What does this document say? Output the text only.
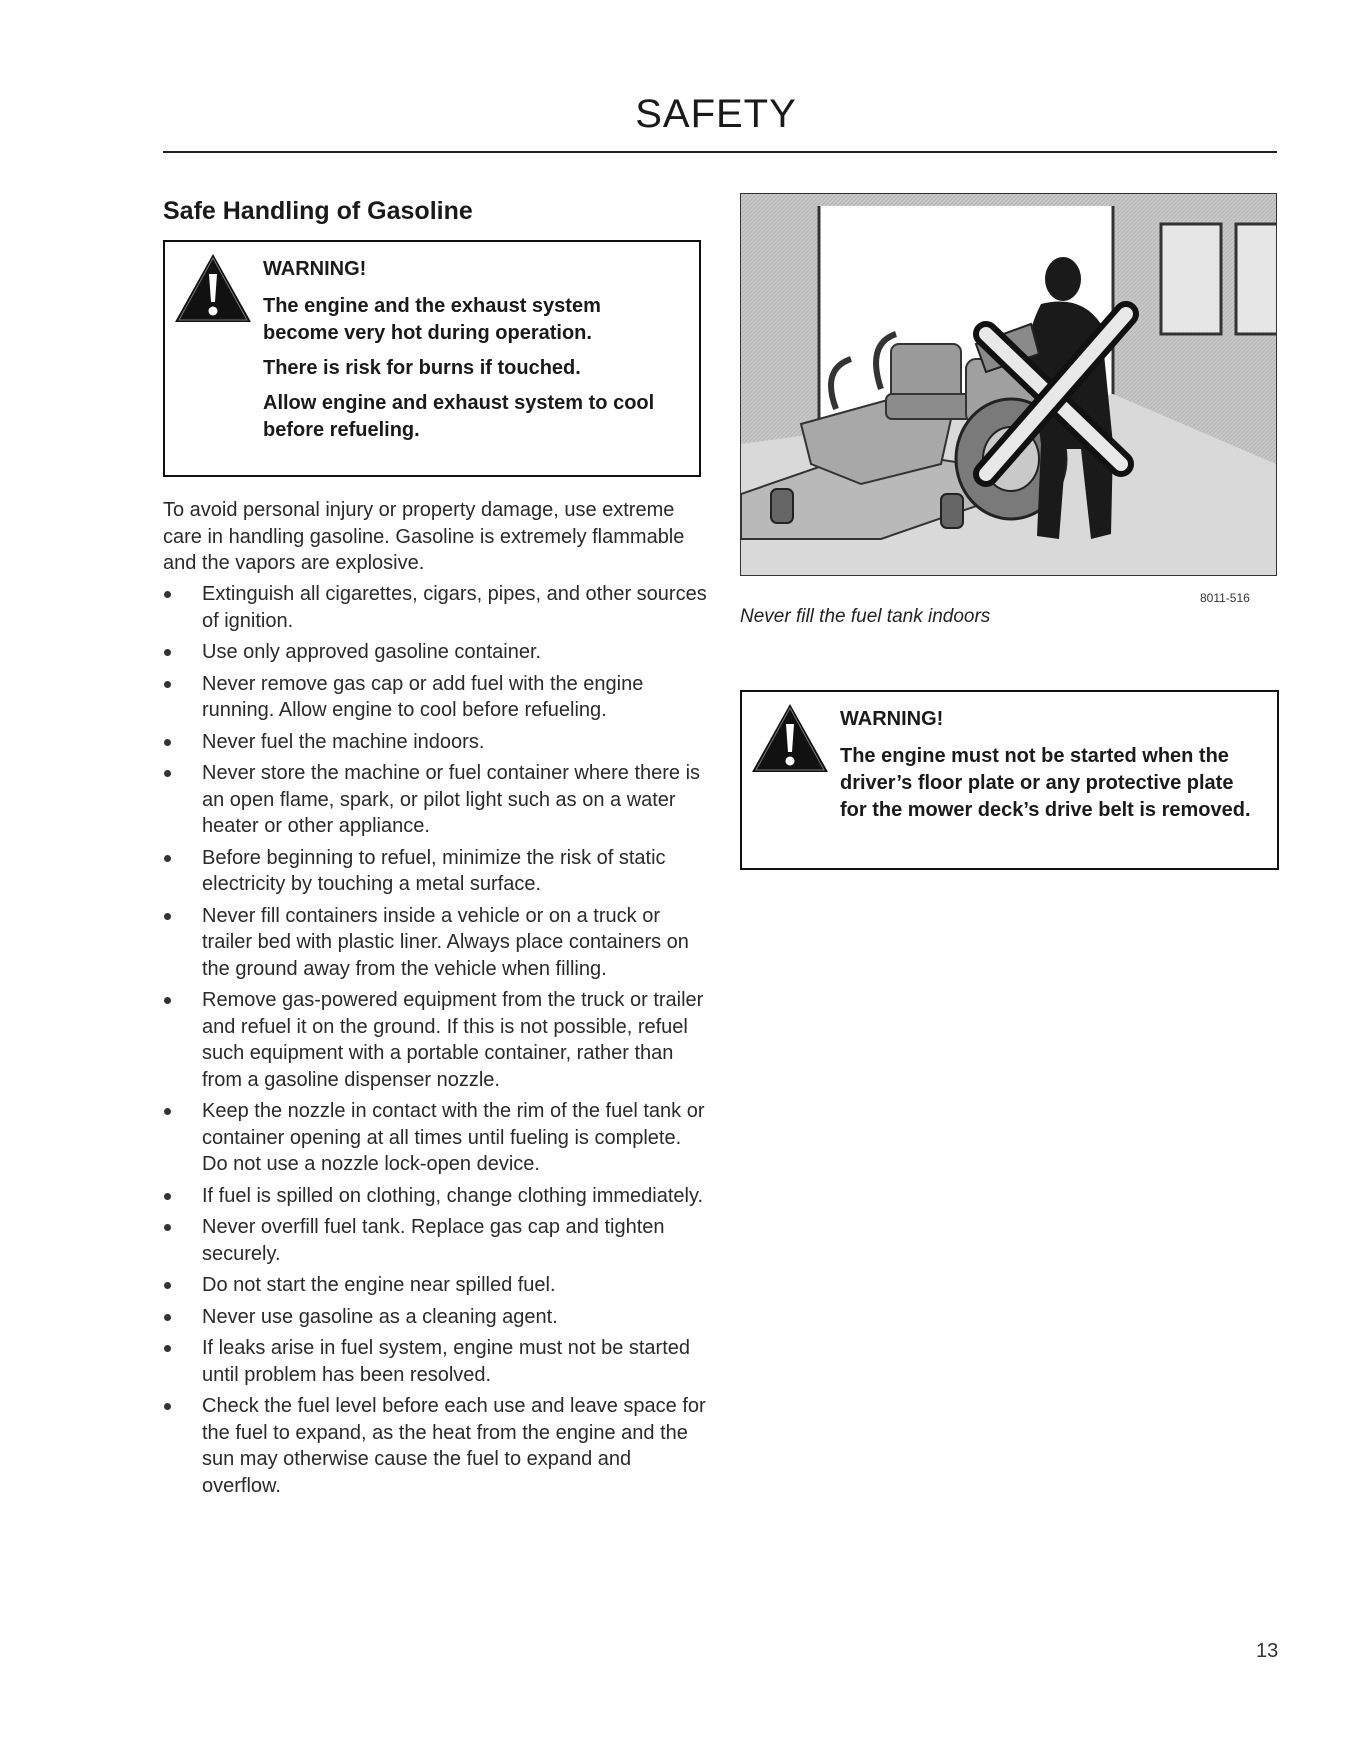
SAFETY
Safe Handling of Gasoline
WARNING!
The engine and the exhaust system become very hot during operation.
There is risk for burns if touched.
Allow engine and exhaust system to cool before refueling.
To avoid personal injury or property damage, use extreme care in handling gasoline. Gasoline is extremely flammable and the vapors are explosive.
Extinguish all cigarettes, cigars, pipes, and other sources of ignition.
Use only approved gasoline container.
Never remove gas cap or add fuel with the engine running. Allow engine to cool before refueling.
Never fuel the machine indoors.
Never store the machine or fuel container where there is an open flame, spark, or pilot light such as on a water heater or other appliance.
Before beginning to refuel, minimize the risk of static electricity by touching a metal surface.
Never fill containers inside a vehicle or on a truck or trailer bed with plastic liner. Always place containers on the ground away from the vehicle when filling.
Remove gas-powered equipment from the truck or trailer and refuel it on the ground. If this is not possible, refuel such equipment with a portable container, rather than from a gasoline dispenser nozzle.
Keep the nozzle in contact with the rim of the fuel tank or container opening at all times until fueling is complete. Do not use a nozzle lock-open device.
If fuel is spilled on clothing, change clothing immediately.
Never overfill fuel tank. Replace gas cap and tighten securely.
Do not start the engine near spilled fuel.
Never use gasoline as a cleaning agent.
If leaks arise in fuel system, engine must not be started until problem has been resolved.
Check the fuel level before each use and leave space for the fuel to expand, as the heat from the engine and the sun may otherwise cause the fuel to expand and overflow.
8011-516
Never fill the fuel tank indoors
WARNING!
The engine must not be started when the driver’s floor plate or any protective plate for the mower deck’s drive belt is removed.
13
